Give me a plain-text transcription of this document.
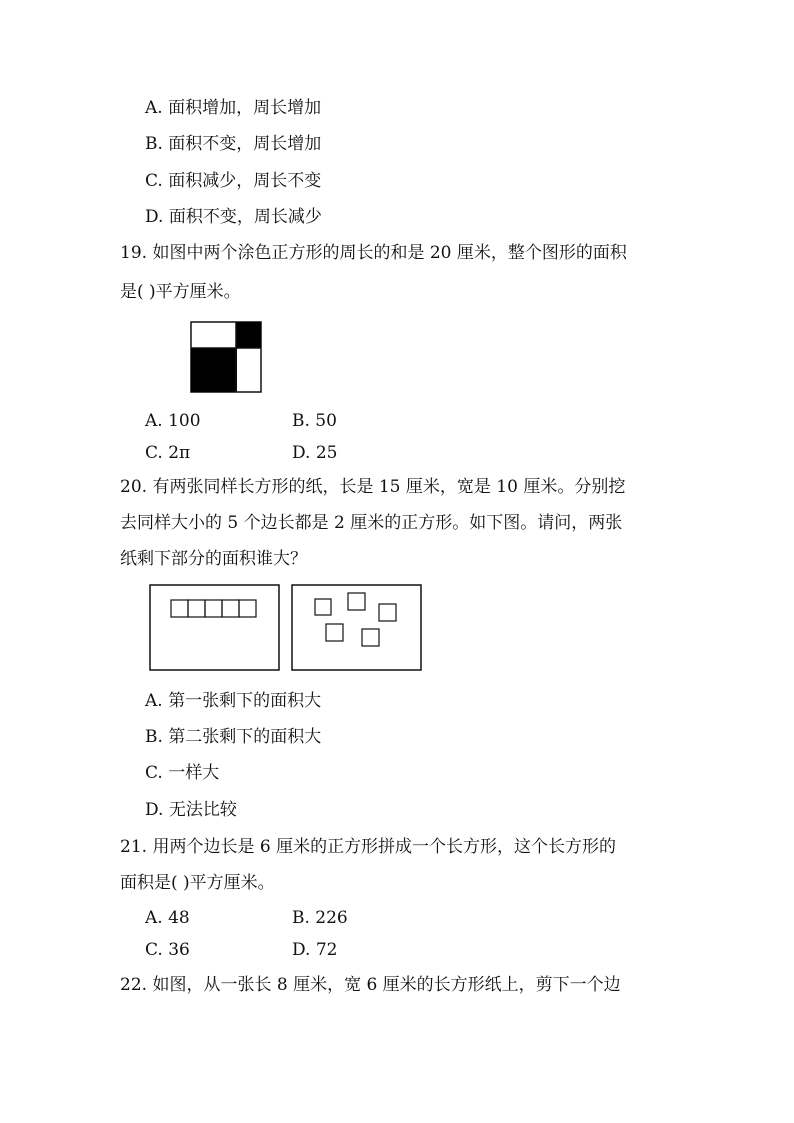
A. 面积增加，周长增加
B. 面积不变，周长增加
C. 面积减少，周长不变
D. 面积不变，周长减少
19. 如图中两个涂色正方形的周长的和是 20 厘米，整个图形的面积
是( )平方厘米。
A. 100	B. 50
C. 2π	D. 25
20. 有两张同样长方形的纸，长是 15 厘米，宽是 10 厘米。分别挖
去同样大小的 5 个边长都是 2 厘米的正方形。如下图。请问，两张
纸剩下部分的面积谁大？
A. 第一张剩下的面积大
B. 第二张剩下的面积大
C. 一样大
D. 无法比较
21. 用两个边长是 6 厘米的正方形拼成一个长方形，这个长方形的
面积是( )平方厘米。
A. 48	B. 226
C. 36	D. 72
22. 如图，从一张长 8 厘米，宽 6 厘米的长方形纸上，剪下一个边
